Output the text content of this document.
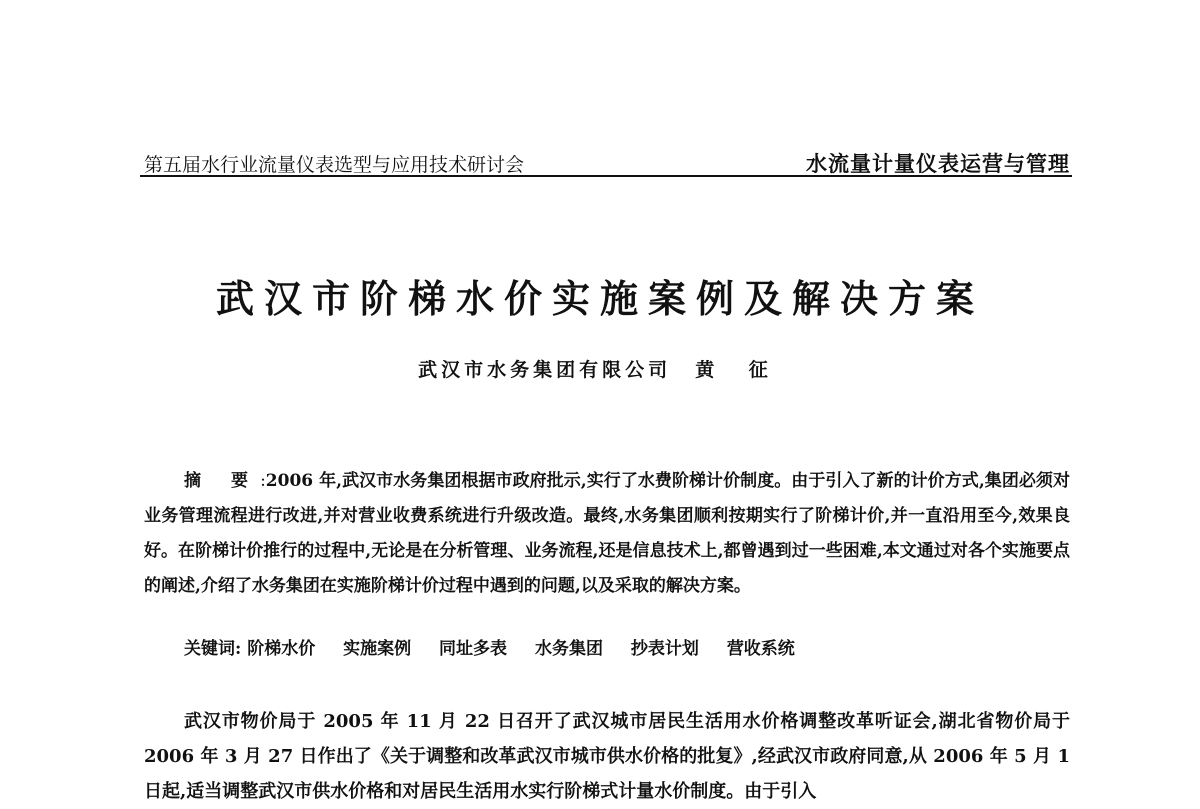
第五届水行业流量仪表选型与应用技术研讨会	水流量计量仪表运营与管理
武汉市阶梯水价实施案例及解决方案
武汉市水务集团有限公司 黄 征

摘 要:2006 年,武汉市水务集团根据市政府批示,实行了水费阶梯计价制度。由于引入了新的计价方式,集团必须对业务管理流程进行改进,并对营业收费系统进行升级改造。最终,水务集团顺利按期实行了阶梯计价,并一直沿用至今,效果良好。在阶梯计价推行的过程中,无论是在分析管理、业务流程,还是信息技术上,都曾遇到过一些困难,本文通过对各个实施要点的阐述,介绍了水务集团在实施阶梯计价过程中遇到的问题,以及采取的解决方案。

关键词: 阶梯水价 实施案例 同址多表 水务集团 抄表计划 营收系统

武汉市物价局于 2005 年 11 月 22 日召开了武汉城市居民生活用水价格调整改革听证会,湖北省物价局于 2006 年 3 月 27 日作出了《关于调整和改革武汉市城市供水价格的批复》,经武汉市政府同意,从 2006 年 5 月 1 日起,适当调整武汉市供水价格和对居民生活用水实行阶梯式计量水价制度。由于引入
